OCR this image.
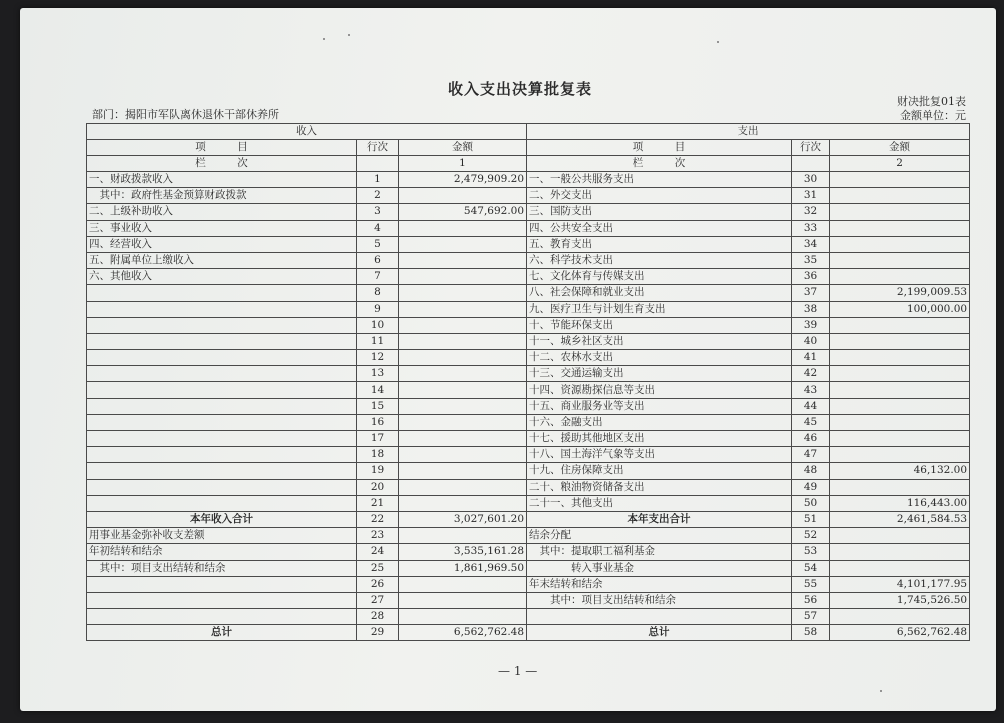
收入支出决算批复表
部门：揭阳市军队离休退休干部休养所
财决批复01表
金额单位：元
收入			支出		
项　　　目	行次	金额	项　　　目	行次	金额
栏　　　次		1	栏　　　次		2
一、财政拨款收入	1	2,479,909.20	一、一般公共服务支出	30	
　其中：政府性基金预算财政拨款	2		二、外交支出	31	
二、上级补助收入	3	547,692.00	三、国防支出	32	
三、事业收入	4		四、公共安全支出	33	
四、经营收入	5		五、教育支出	34	
五、附属单位上缴收入	6		六、科学技术支出	35	
六、其他收入	7		七、文化体育与传媒支出	36	
	8		八、社会保障和就业支出	37	2,199,009.53
	9		九、医疗卫生与计划生育支出	38	100,000.00
	10		十、节能环保支出	39	
	11		十一、城乡社区支出	40	
	12		十二、农林水支出	41	
	13		十三、交通运输支出	42	
	14		十四、资源勘探信息等支出	43	
	15		十五、商业服务业等支出	44	
	16		十六、金融支出	45	
	17		十七、援助其他地区支出	46	
	18		十八、国土海洋气象等支出	47	
	19		十九、住房保障支出	48	46,132.00
	20		二十、粮油物资储备支出	49	
	21		二十一、其他支出	50	116,443.00
本年收入合计	22	3,027,601.20	本年支出合计	51	2,461,584.53
用事业基金弥补收支差额	23		结余分配	52	
年初结转和结余	24	3,535,161.28	　其中：提取职工福利基金	53	
　其中：项目支出结转和结余	25	1,861,969.50	　　　　转入事业基金	54	
	26		年末结转和结余	55	4,101,177.95
	27		　　其中：项目支出结转和结余	56	1,745,526.50
	28			57	
总计	29	6,562,762.48	总计	58	6,562,762.48
— 1 —
